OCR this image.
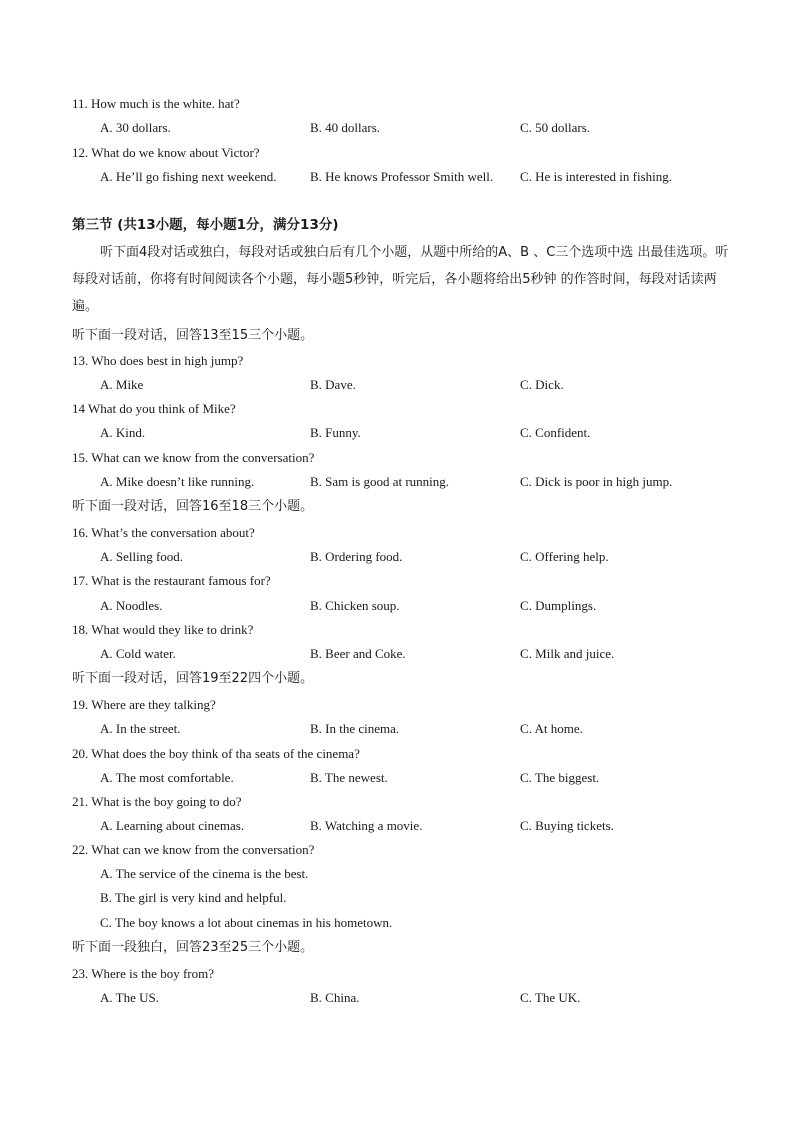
11. How much is the white. hat?
A. 30 dollars.	B. 40 dollars.	C. 50 dollars.
12. What do we know about Victor?
A. He’ll go fishing next weekend.	B. He knows Professor Smith well. C. He is interested in fishing.
第三节 (共13小题，每小题1分，满分13分)
听下面4段对话或独白，每段对话或独白后有几个小题，从题中所给的A、B 、C三个选项中选 出最佳选项。听每段对话前，你将有时间阅读各个小题，每小题5秒钟，听完后，各小题将给出5秒钟 的作答时间，每段对话读两遍。
听下面一段对话，回答13至15三个小题。
13. Who does best in high jump?
A. Mike	B. Dave.	C. Dick.
14 What do you think of Mike?
A. Kind.	B. Funny.	C. Confident.
15. What can we know from the conversation?
A. Mike doesn’t like running.	B. Sam is good at running.	C. Dick is poor in high jump.
听下面一段对话，回答16至18三个小题。
16. What’s the conversation about?
A. Selling food.	B. Ordering food.	C. Offering help.
17. What is the restaurant famous for?
A. Noodles.	B. Chicken soup.	C. Dumplings.
18. What would they like to drink?
A. Cold water.	B. Beer and Coke.	C. Milk and juice.
听下面一段对话，回答19至22四个小题。
19. Where are they talking?
A. In the street.	B. In the cinema.	C. At home.
20. What does the boy think of tha seats of the cinema?
A. The most comfortable.	B. The newest.	C. The biggest.
21. What is the boy going to do?
A. Learning about cinemas.	B. Watching a movie.	C. Buying tickets.
22. What can we know from the conversation?
A. The service of the cinema is the best.
B. The girl is very kind and helpful.
C. The boy knows a lot about cinemas in his hometown.
听下面一段独白，回答23至25三个小题。
23. Where is the boy from?
A. The US.	B. China.	C. The UK.
